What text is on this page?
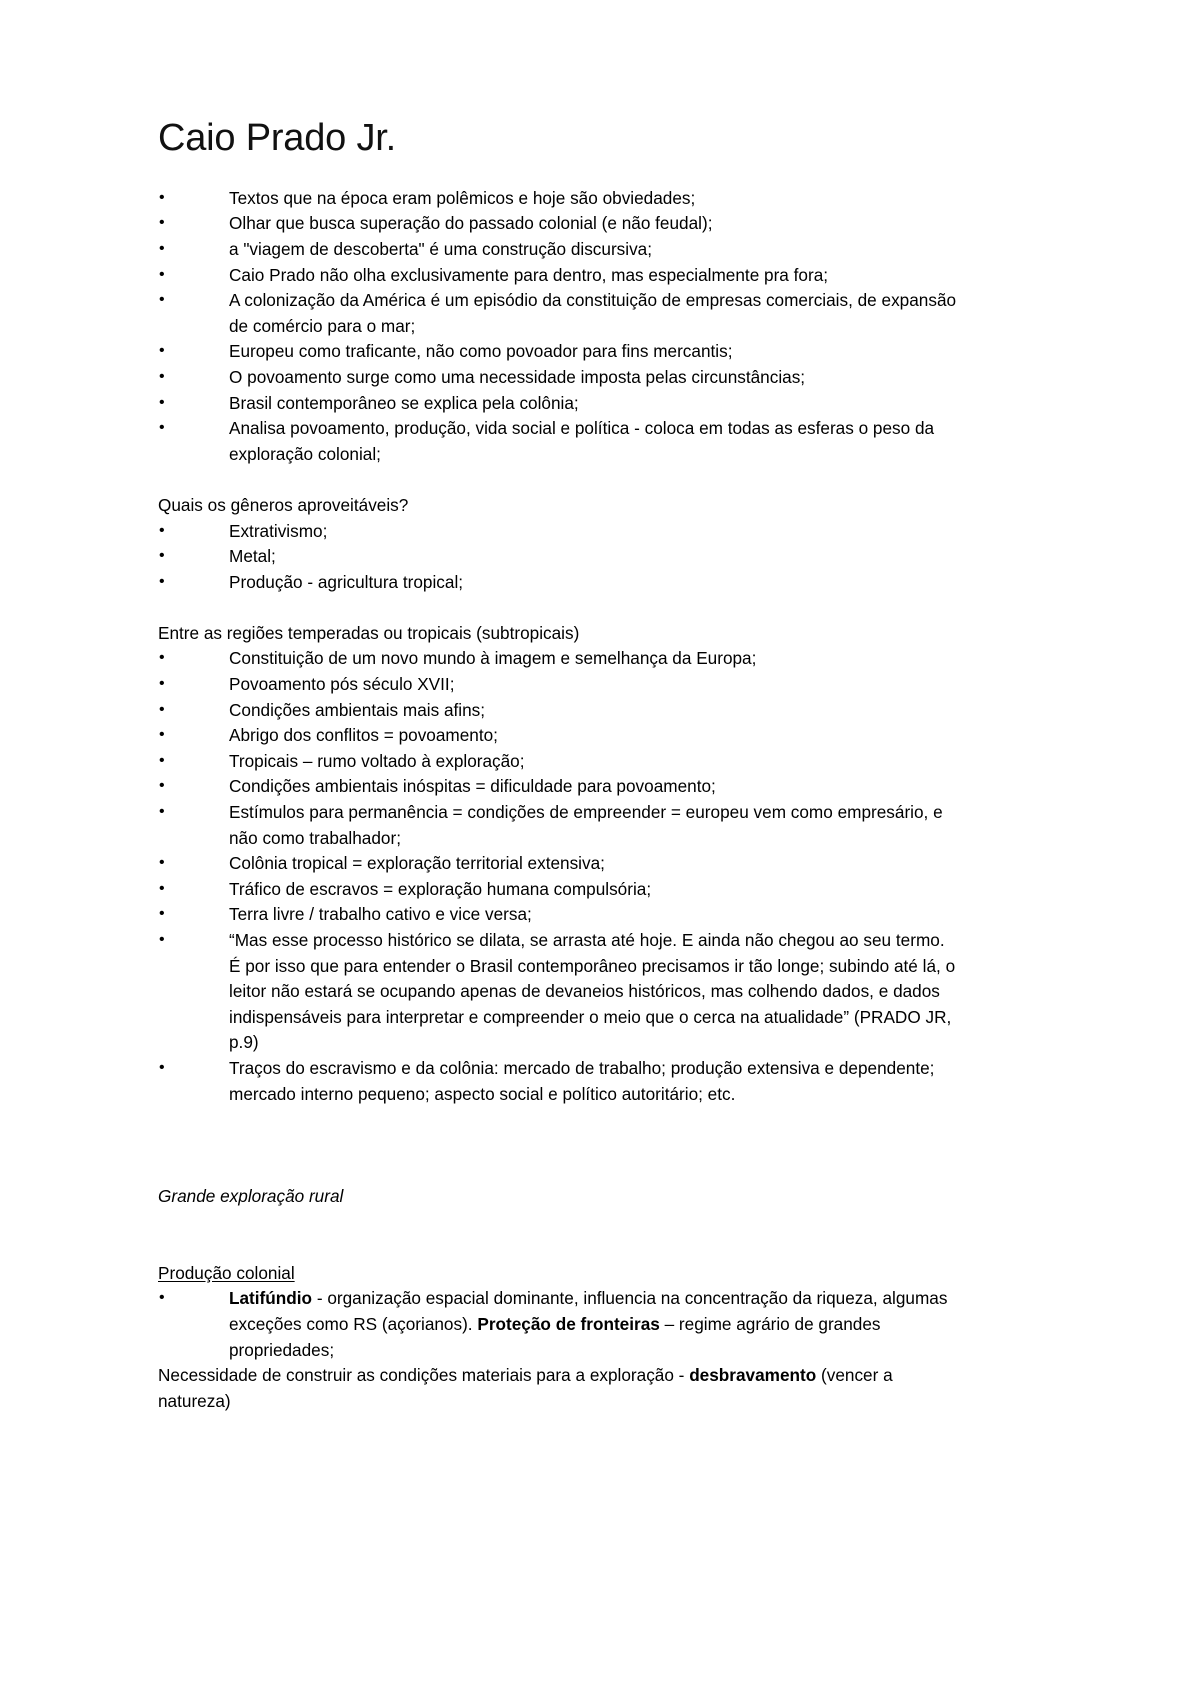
Caio Prado Jr.
• Textos que na época eram polêmicos e hoje são obviedades;
• Olhar que busca superação do passado colonial (e não feudal);
• a "viagem de descoberta" é uma construção discursiva;
• Caio Prado não olha exclusivamente para dentro, mas especialmente pra fora;
• A colonização da América é um episódio da constituição de empresas comerciais, de expansão de comércio para o mar;
• Europeu como traficante, não como povoador para fins mercantis;
• O povoamento surge como uma necessidade imposta pelas circunstâncias;
• Brasil contemporâneo se explica pela colônia;
• Analisa povoamento, produção, vida social e política - coloca em todas as esferas o peso da exploração colonial;

Quais os gêneros aproveitáveis?

• Extrativismo;
• Metal;
• Produção - agricultura tropical;

Entre as regiões temperadas ou tropicais (subtropicais)

• Constituição de um novo mundo à imagem e semelhança da Europa;
• Povoamento pós século XVII;
• Condições ambientais mais afins;
• Abrigo dos conflitos = povoamento;
• Tropicais – rumo voltado à exploração;
• Condições ambientais inóspitas = dificuldade para povoamento;
• Estímulos para permanência = condições de empreender = europeu vem como empresário, e não como trabalhador;
• Colônia tropical = exploração territorial extensiva;
• Tráfico de escravos = exploração humana compulsória;
• Terra livre / trabalho cativo e vice versa;
• “Mas esse processo histórico se dilata, se arrasta até hoje. E ainda não chegou ao seu termo. É por isso que para entender o Brasil contemporâneo precisamos ir tão longe; subindo até lá, o leitor não estará se ocupando apenas de devaneios históricos, mas colhendo dados, e dados indispensáveis para interpretar e compreender o meio que o cerca na atualidade” (PRADO JR, p.9)
• Traços do escravismo e da colônia: mercado de trabalho; produção extensiva e dependente; mercado interno pequeno; aspecto social e político autoritário; etc.

Grande exploração rural

Produção colonial

• Latifúndio - organização espacial dominante, influencia na concentração da riqueza, algumas exceções como RS (açorianos). Proteção de fronteiras – regime agrário de grandes propriedades;

Necessidade de construir as condições materiais para a exploração - desbravamento (vencer a natureza)
